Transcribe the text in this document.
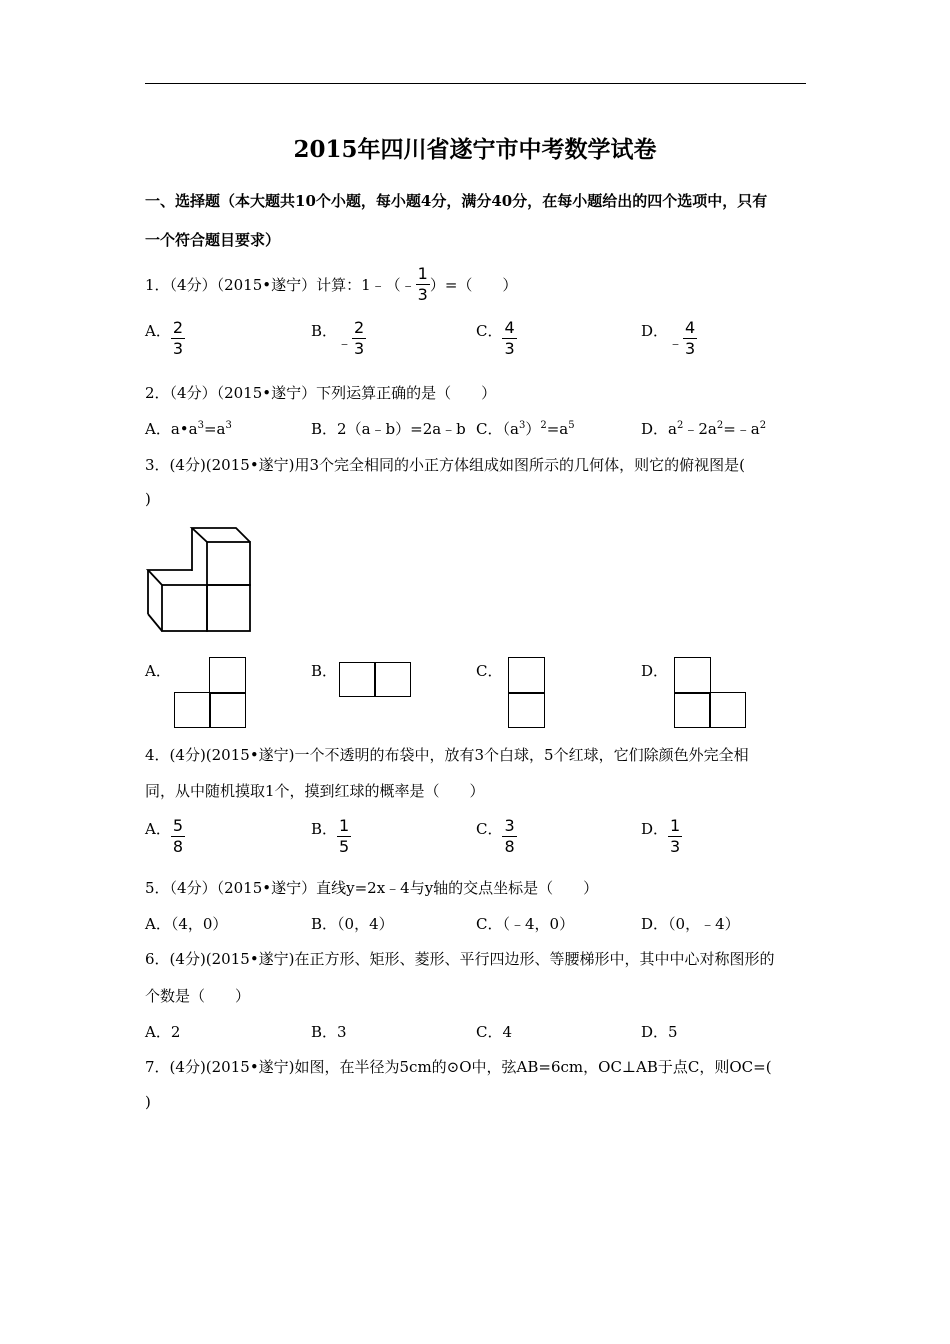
2015年四川省遂宁市中考数学试卷
一、选择题（本大题共10个小题，每小题4分，满分40分，在每小题给出的四个选项中，只有
一个符合题目要求）
1．（4分）（2015•遂宁）计算：1﹣（﹣ $\frac{1}{3}$ ）=（　　）
A． $\frac{2}{3}$	B．
﹣ $\frac{2}{3}$	C． $\frac{4}{3}$	D．
﹣ $\frac{4}{3}$
2．（4分）（2015•遂宁）下列运算正确的是（　　）
A．$a•a^3=a^3$	B．2（a﹣b）=2a﹣b C．$(a^3)^2=a^5$	D．$a^2﹣2a^2=﹣a^2$
3．(4分)(2015•遂宁)用3个完全相同的小正方体组成如图所示的几何体，则它的俯视图是(
)
A．	B．	C．	D．
4．(4分)(2015•遂宁)一个不透明的布袋中，放有3个白球，5个红球，它们除颜色外完全相
同，从中随机摸取1个，摸到红球的概率是（　　）
A． $\frac{5}{8}$	B． $\frac{1}{5}$	C． $\frac{3}{8}$	D． $\frac{1}{3}$
5．（4分）（2015•遂宁）直线y=2x﹣4与y轴的交点坐标是（　　）
A．（4，0）	B．（0，4）	C．（﹣4，0）	D．（0，﹣4）
6．(4分)(2015•遂宁)在正方形、矩形、菱形、平行四边形、等腰梯形中，其中中心对称图形的
个数是（　　）
A．2	B．3	C．4	D．5
7．(4分)(2015•遂宁)如图，在半径为5cm的⊙O中，弦AB=6cm，OC⊥AB于点C，则OC=(
)
